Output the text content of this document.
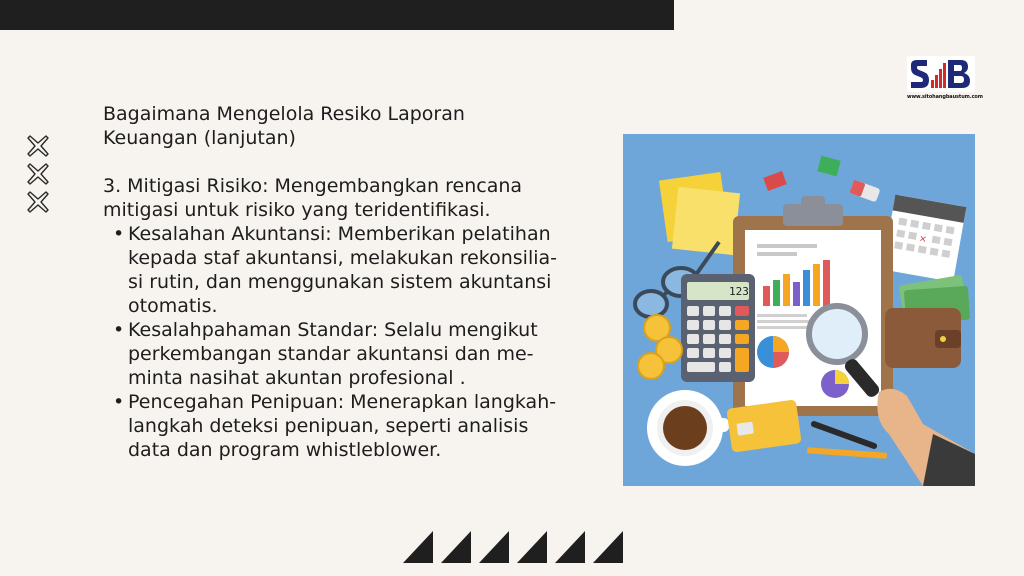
www.sitohangbaustum.com
Bagaimana Mengelola Resiko Laporan
Keuangan (lanjutan)
3. Mitigasi Risiko: Mengembangkan rencana
mitigasi untuk risiko yang teridentifikasi.
• Kesalahan Akuntansi: Memberikan pelatihan
kepada staf akuntansi, melakukan rekonsilia-
si rutin, dan menggunakan sistem akuntansi
otomatis.
• Kesalahpahaman Standar: Selalu mengikut
perkembangan standar akuntansi dan me-
minta nasihat akuntan profesional .
• Pencegahan Penipuan: Menerapkan langkah-
langkah deteksi penipuan, seperti analisis
data dan program whistleblower.
✕
123
